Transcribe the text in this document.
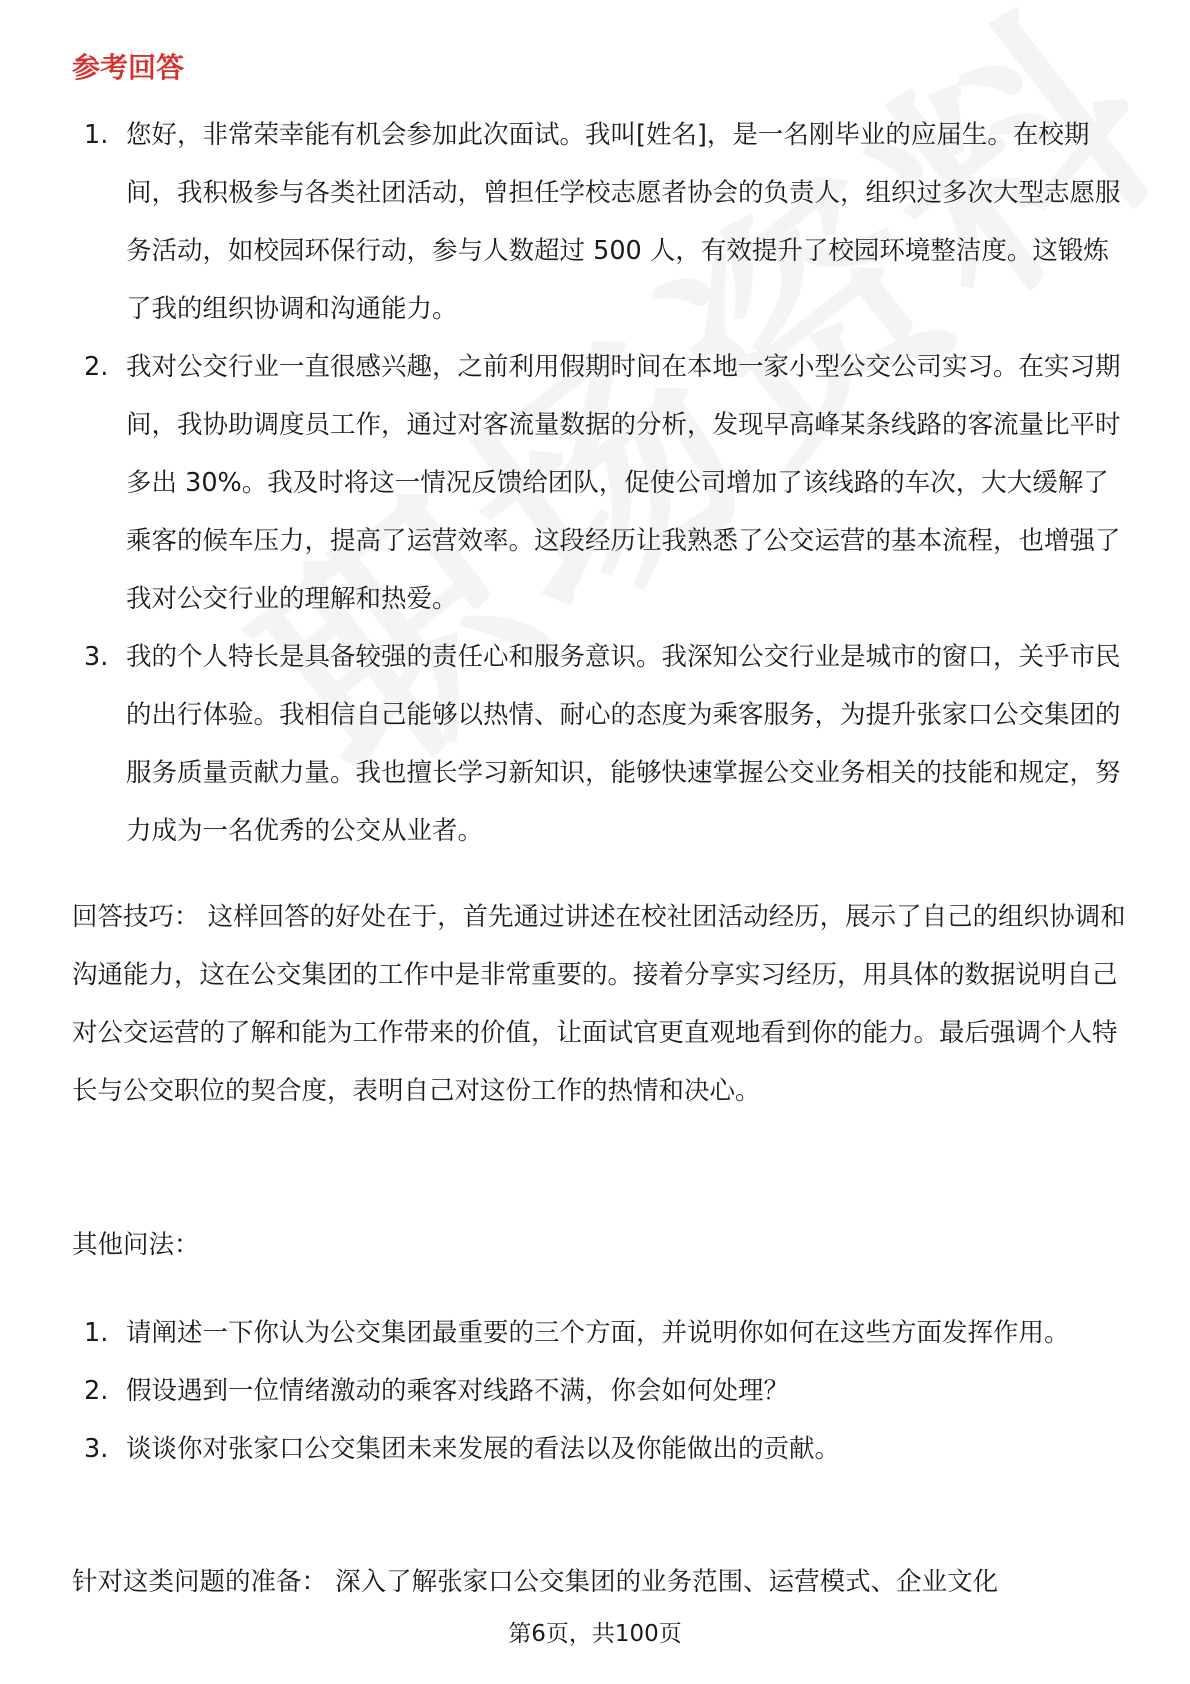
参考回答
1. 您好，非常荣幸能有机会参加此次面试。我叫[姓名]，是一名刚毕业的应届生。在校期间，我积极参与各类社团活动，曾担任学校志愿者协会的负责人，组织过多次大型志愿服务活动，如校园环保行动，参与人数超过 500 人，有效提升了校园环境整洁度。这锻炼了我的组织协调和沟通能力。
2. 我对公交行业一直很感兴趣，之前利用假期时间在本地一家小型公交公司实习。在实习期间，我协助调度员工作，通过对客流量数据的分析，发现早高峰某条线路的客流量比平时多出 30%。我及时将这一情况反馈给团队，促使公司增加了该线路的车次，大大缓解了乘客的候车压力，提高了运营效率。这段经历让我熟悉了公交运营的基本流程，也增强了我对公交行业的理解和热爱。
3. 我的个人特长是具备较强的责任心和服务意识。我深知公交行业是城市的窗口，关乎市民的出行体验。我相信自己能够以热情、耐心的态度为乘客服务，为提升张家口公交集团的服务质量贡献力量。我也擅长学习新知识，能够快速掌握公交业务相关的技能和规定，努力成为一名优秀的公交从业者。

回答技巧： 这样回答的好处在于，首先通过讲述在校社团活动经历，展示了自己的组织协调和沟通能力，这在公交集团的工作中是非常重要的。接着分享实习经历，用具体的数据说明自己对公交运营的了解和能为工作带来的价值，让面试官更直观地看到你的能力。最后强调个人特长与公交职位的契合度，表明自己对这份工作的热情和决心。

其他问法：

1. 请阐述一下你认为公交集团最重要的三个方面，并说明你如何在这些方面发挥作用。
2. 假设遇到一位情绪激动的乘客对线路不满，你会如何处理？
3. 谈谈你对张家口公交集团未来发展的看法以及你能做出的贡献。

针对这类问题的准备： 深入了解张家口公交集团的业务范围、运营模式、企业文化

第6页，共100页
